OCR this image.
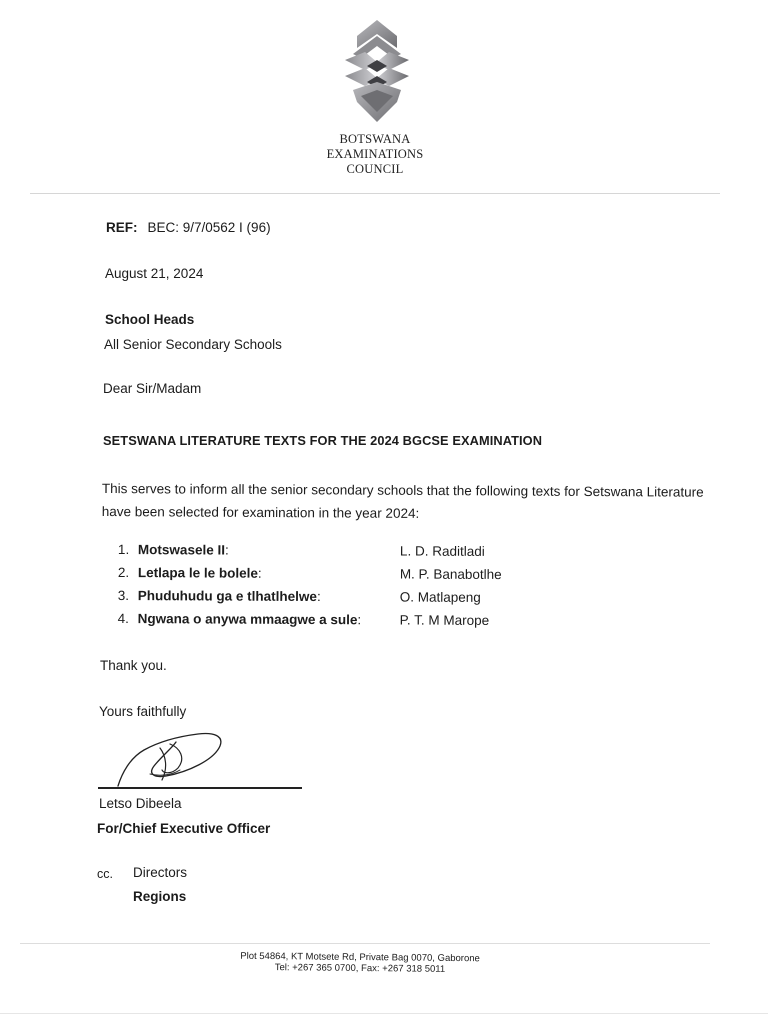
BOTSWANA
EXAMINATIONS
COUNCIL
REF: BEC: 9/7/0562 I (96)
August 21, 2024
School Heads
All Senior Secondary Schools
Dear Sir/Madam
SETSWANA LITERATURE TEXTS FOR THE 2024 BGCSE EXAMINATION
This serves to inform all the senior secondary schools that the following texts for Setswana Literature have been selected for examination in the year 2024:
1. Motswasele II:	L. D. Raditladi
2. Letlapa le le bolele:	M. P. Banabotlhe
3. Phuduhudu ga e tlhatlhelwe:	O. Matlapeng
4. Ngwana o anywa mmaagwe a sule:	P. T. M Marope
Thank you.
Yours faithfully
Letso Dibeela
For/Chief Executive Officer
cc. Directors
Regions
Plot 54864, KT Motsete Rd, Private Bag 0070, Gaborone
Tel: +267 365 0700, Fax: +267 318 5011
